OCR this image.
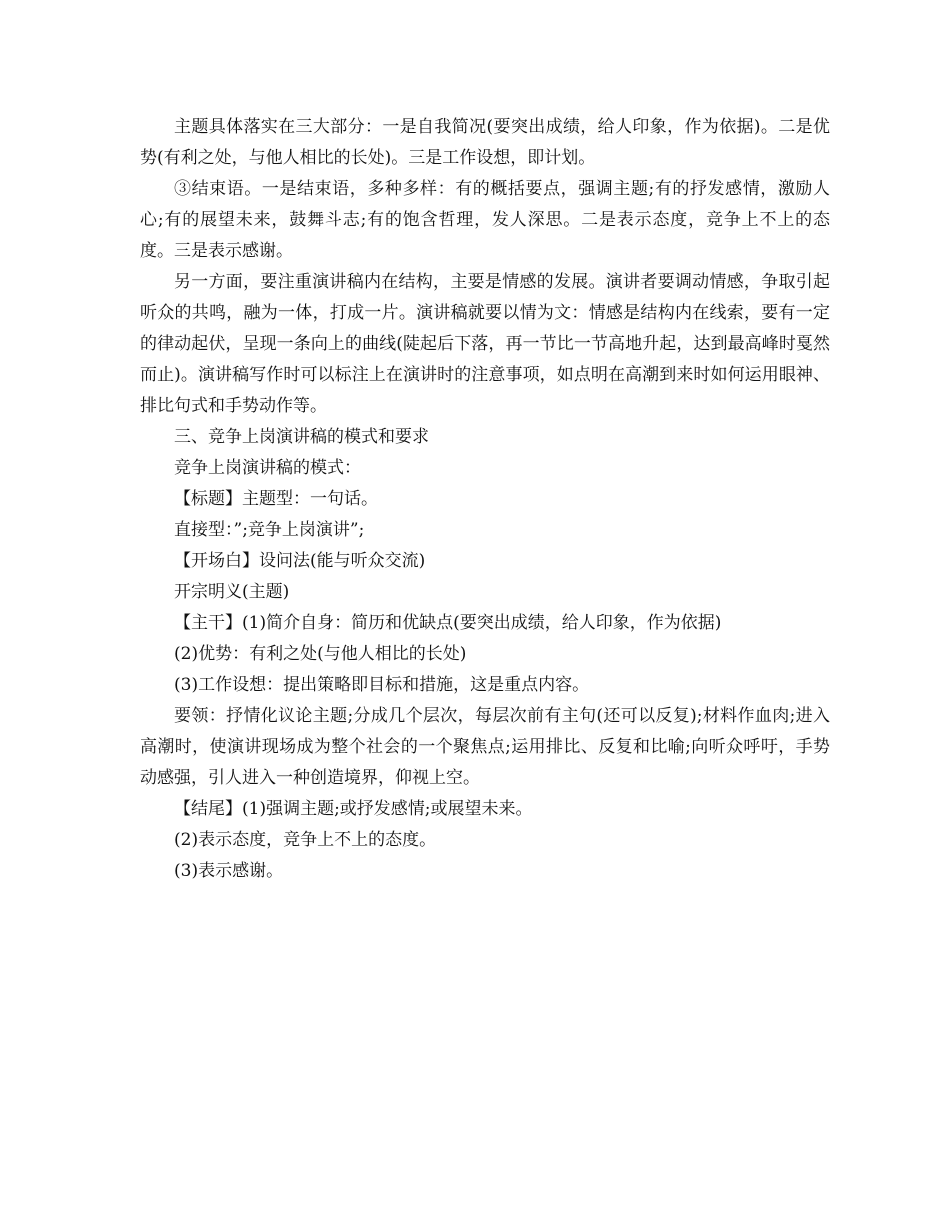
主题具体落实在三大部分：一是自我简况(要突出成绩，给人印象，作为依据)。二是优势(有利之处，与他人相比的长处)。三是工作设想，即计划。

③结束语。一是结束语，多种多样：有的概括要点，强调主题;有的抒发感情，激励人心;有的展望未来，鼓舞斗志;有的饱含哲理，发人深思。二是表示态度，竞争上不上的态度。三是表示感谢。

另一方面，要注重演讲稿内在结构，主要是情感的发展。演讲者要调动情感，争取引起听众的共鸣，融为一体，打成一片。演讲稿就要以情为文：情感是结构内在线索，要有一定的律动起伏，呈现一条向上的曲线(陡起后下落，再一节比一节高地升起，达到最高峰时戛然而止)。演讲稿写作时可以标注上在演讲时的注意事项，如点明在高潮到来时如何运用眼神、排比句式和手势动作等。

三、竞争上岗演讲稿的模式和要求

竞争上岗演讲稿的模式：

【标题】主题型：一句话。

直接型：”;竞争上岗演讲”;

【开场白】设问法(能与听众交流)

开宗明义(主题)

【主干】(1)简介自身：简历和优缺点(要突出成绩，给人印象，作为依据)

(2)优势：有利之处(与他人相比的长处)

(3)工作设想：提出策略即目标和措施，这是重点内容。

要领：抒情化议论主题;分成几个层次，每层次前有主句(还可以反复);材料作血肉;进入高潮时，使演讲现场成为整个社会的一个聚焦点;运用排比、反复和比喻;向听众呼吁，手势动感强，引人进入一种创造境界，仰视上空。

【结尾】(1)强调主题;或抒发感情;或展望未来。

(2)表示态度，竞争上不上的态度。

(3)表示感谢。
